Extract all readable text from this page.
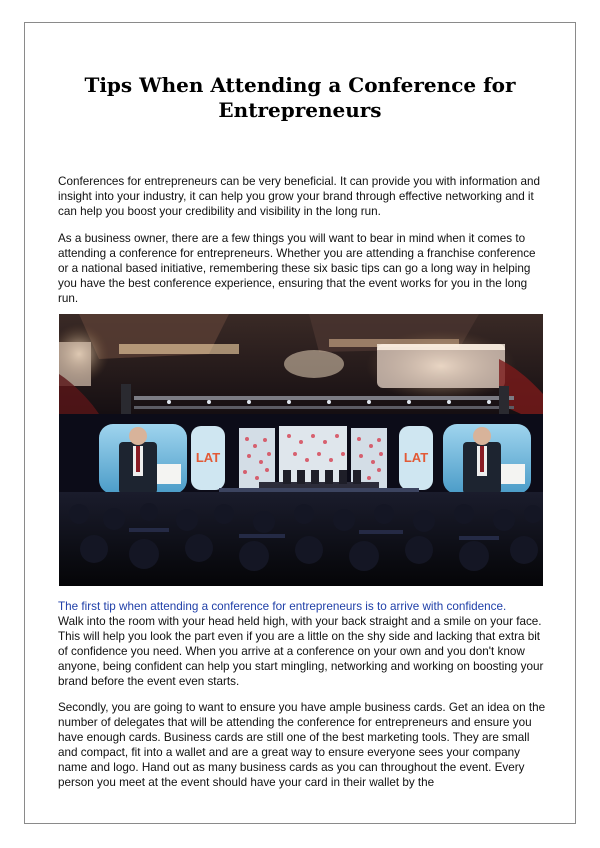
Tips When Attending a Conference for Entrepreneurs

Conferences for entrepreneurs can be very beneficial. It can provide you with information and insight into your industry, it can help you grow your brand through effective networking and it can help you boost your credibility and visibility in the long run.

As a business owner, there are a few things you will want to bear in mind when it comes to attending a conference for entrepreneurs. Whether you are attending a franchise conference or a national based initiative, remembering these six basic tips can go a long way in helping you have the best conference experience, ensuring that the event works for you in the long run.

LAT	LAT

The first tip when attending a conference for entrepreneurs is to arrive with confidence.
Walk into the room with your head held high, with your back straight and a smile on your face. This will help you look the part even if you are a little on the shy side and lacking that extra bit of confidence you need. When you arrive at a conference on your own and you don't know anyone, being confident can help you start mingling, networking and working on boosting your brand before the event even starts.

Secondly, you are going to want to ensure you have ample business cards. Get an idea on the number of delegates that will be attending the conference for entrepreneurs and ensure you have enough cards. Business cards are still one of the best marketing tools. They are small and compact, fit into a wallet and are a great way to ensure everyone sees your company name and logo. Hand out as many business cards as you can throughout the event. Every person you meet at the event should have your card in their wallet by the
